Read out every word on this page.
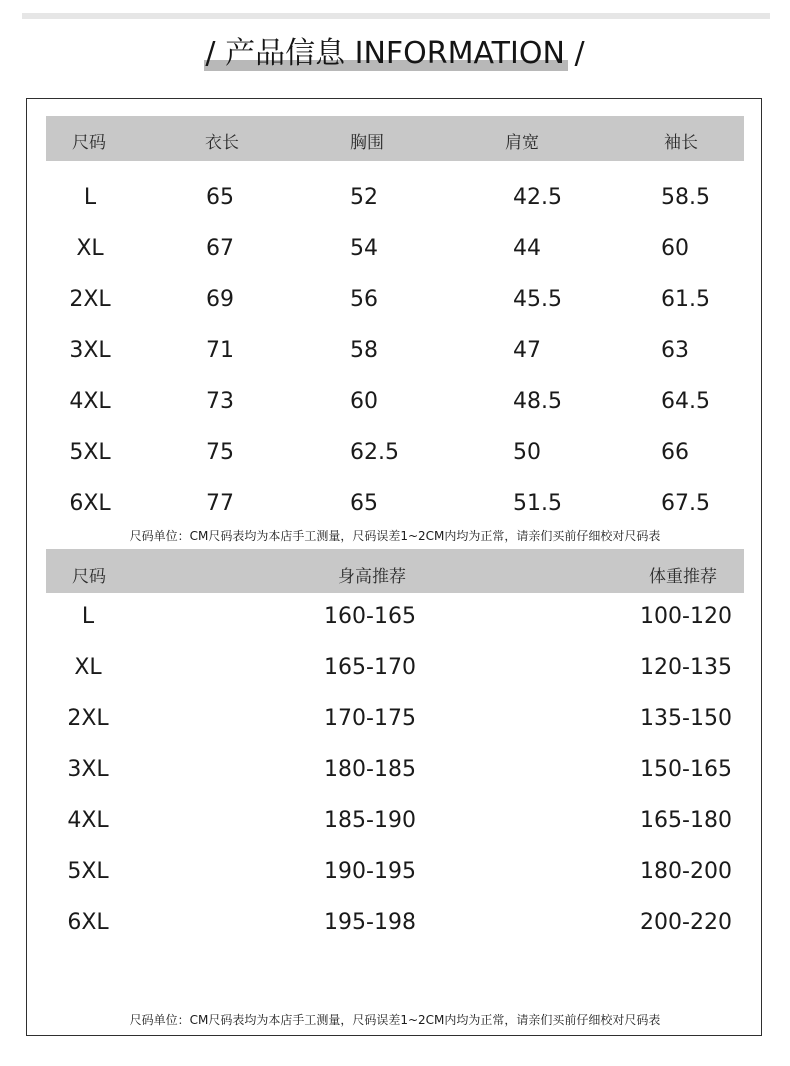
/ 产品信息 INFORMATION /
尺码	衣长	胸围	肩宽	袖长
L	65	52	42.5	58.5
XL	67	54	44	60
2XL	69	56	45.5	61.5
3XL	71	58	47	63
4XL	73	60	48.5	64.5
5XL	75	62.5	50	66
6XL	77	65	51.5	67.5
尺码单位：CM尺码表均为本店手工测量，尺码误差1~2CM内均为正常，请亲们买前仔细校对尺码表
尺码	身高推荐	体重推荐
L	160-165	100-120
XL	165-170	120-135
2XL	170-175	135-150
3XL	180-185	150-165
4XL	185-190	165-180
5XL	190-195	180-200
6XL	195-198	200-220
尺码单位：CM尺码表均为本店手工测量，尺码误差1~2CM内均为正常，请亲们买前仔细校对尺码表
